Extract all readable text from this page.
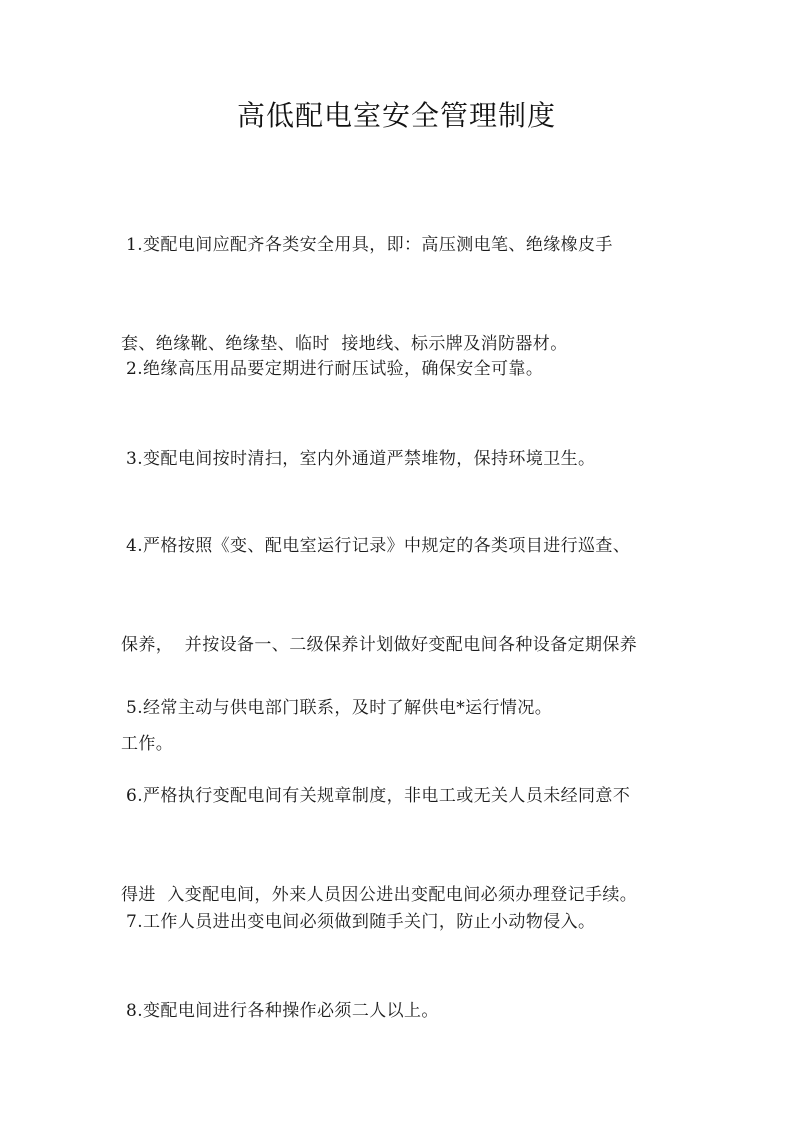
高低配电室安全管理制度

1.变配电间应配齐各类安全用具，即：高压测电笔、绝缘橡皮手

套、绝缘靴、绝缘垫、临时  接地线、标示牌及消防器材。

2.绝缘高压用品要定期进行耐压试验，确保安全可靠。

3.变配电间按时清扫，室内外通道严禁堆物，保持环境卫生。

4.严格按照《变、配电室运行记录》中规定的各类项目进行巡查、

保养，  并按设备一、二级保养计划做好变配电间各种设备定期保养

工作。

5.经常主动与供电部门联系，及时了解供电*运行情况。

6.严格执行变配电间有关规章制度，非电工或无关人员未经同意不

得进  入变配电间，外来人员因公进出变配电间必须办理登记手续。

7.工作人员进出变电间必须做到随手关门，防止小动物侵入。

8.变配电间进行各种操作必须二人以上。
